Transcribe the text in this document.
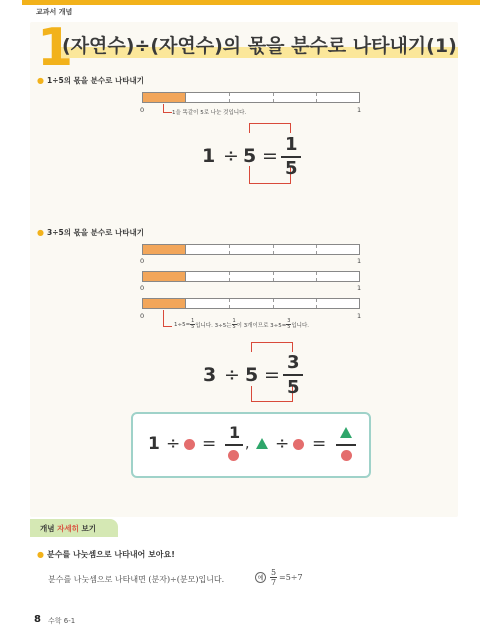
교과서 개념
1
(자연수)÷(자연수)의 몫을 분수로 나타내기(1)
● 1÷5의 몫을 분수로 나타내기
0	1
1을 똑같이 5로 나눈 것입니다.
1 ÷ 5 =
1
5
● 3÷5의 몫을 분수로 나타내기
0	1
0	1
0	1
1÷5=
1
5 입니다. 3÷5는
1
5 이 3개이므로 3÷5=
3
5 입니다.
3 ÷ 5 =
3
5
1 ÷ =
1
, ÷ =
개념 자세히 보기
● 분수를 나눗셈으로 나타내어 보아요!
분수를 나눗셈으로 나타내면 (분자)÷(분모)입니다.	예
5
7
=5÷7
8 수학 6-1
